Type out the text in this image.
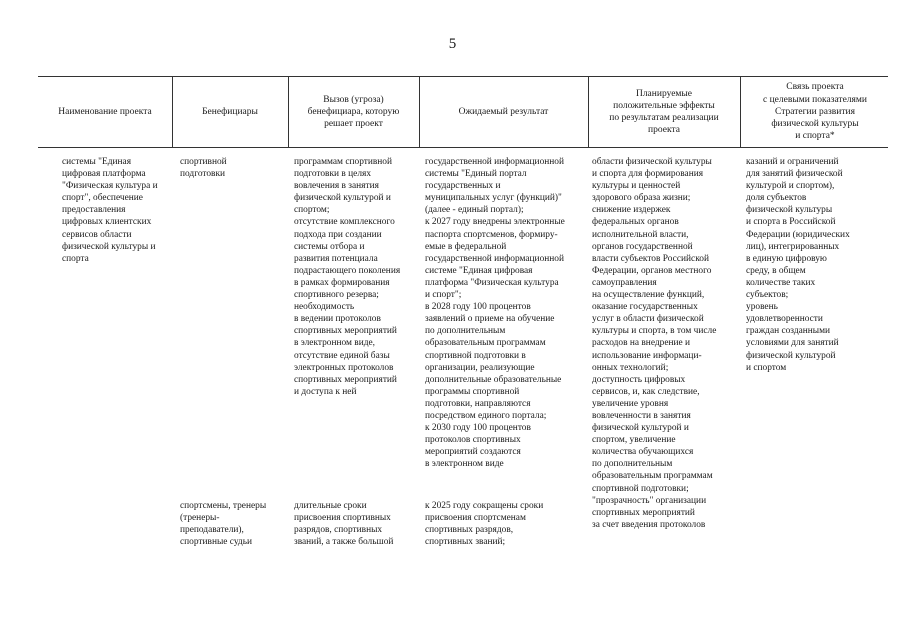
5
Наименование проекта	Бенефициары
Вызов (угроза)
бенефициара, которую
решает проект
Ожидаемый результат
Планируемые
положительные эффекты
по результатам реализации
проекта
Связь проекта
с целевыми показателями
Стратегии развития
физической культуры
и спорта*
системы "Единая
цифровая платформа
"Физическая культура и
спорт", обеспечение
предоставления
цифровых клиентских
сервисов области
физической культуры и
спорта
спортивной
подготовки
программам спортивной
подготовки в целях
вовлечения в занятия
физической культурой и
спортом;
отсутствие комплексного
подхода при создании
системы отбора и
развития потенциала
подрастающего поколения
в рамках формирования
спортивного резерва;
необходимость
в ведении протоколов
спортивных мероприятий
в электронном виде,
отсутствие единой базы
электронных протоколов
спортивных мероприятий
и доступа к ней
государственной информационной
системы "Единый портал
государственных и
муниципальных услуг (функций)"
(далее - единый портал);
к 2027 году внедрены электронные
паспорта спортсменов, формиру-
емые в федеральной
государственной информационной
системе "Единая цифровая
платформа "Физическая культура
и спорт";
в 2028 году 100 процентов
заявлений о приеме на обучение
по дополнительным
образовательным программам
спортивной подготовки в
организации, реализующие
дополнительные образовательные
программы спортивной
подготовки, направляются
посредством единого портала;
к 2030 году 100 процентов
протоколов спортивных
мероприятий создаются
в электронном виде
области физической культуры
и спорта для формирования
культуры и ценностей
здорового образа жизни;
снижение издержек
федеральных органов
исполнительной власти,
органов государственной
власти субъектов Российской
Федерации, органов местного
самоуправления
на осуществление функций,
оказание государственных
услуг в области физической
культуры и спорта, в том числе
расходов на внедрение и
использование информаци-
онных технологий;
доступность цифровых
сервисов, и, как следствие,
увеличение уровня
вовлеченности в занятия
физической культурой и
спортом, увеличение
количества обучающихся
по дополнительным
образовательным программам
спортивной подготовки;
"прозрачность" организации
спортивных мероприятий
за счет введения протоколов
казаний и ограничений
для занятий физической
культурой и спортом),
доля субъектов
физической культуры
и спорта в Российской
Федерации (юридических
лиц), интегрированных
в единую цифровую
среду, в общем
количестве таких
субъектов;
уровень
удовлетворенности
граждан созданными
условиями для занятий
физической культурой
и спортом
спортсмены, тренеры
(тренеры-
преподаватели),
спортивные судьи
длительные сроки
присвоения спортивных
разрядов, спортивных
званий, а также большой
к 2025 году сокращены сроки
присвоения спортсменам
спортивных разрядов,
спортивных званий;
